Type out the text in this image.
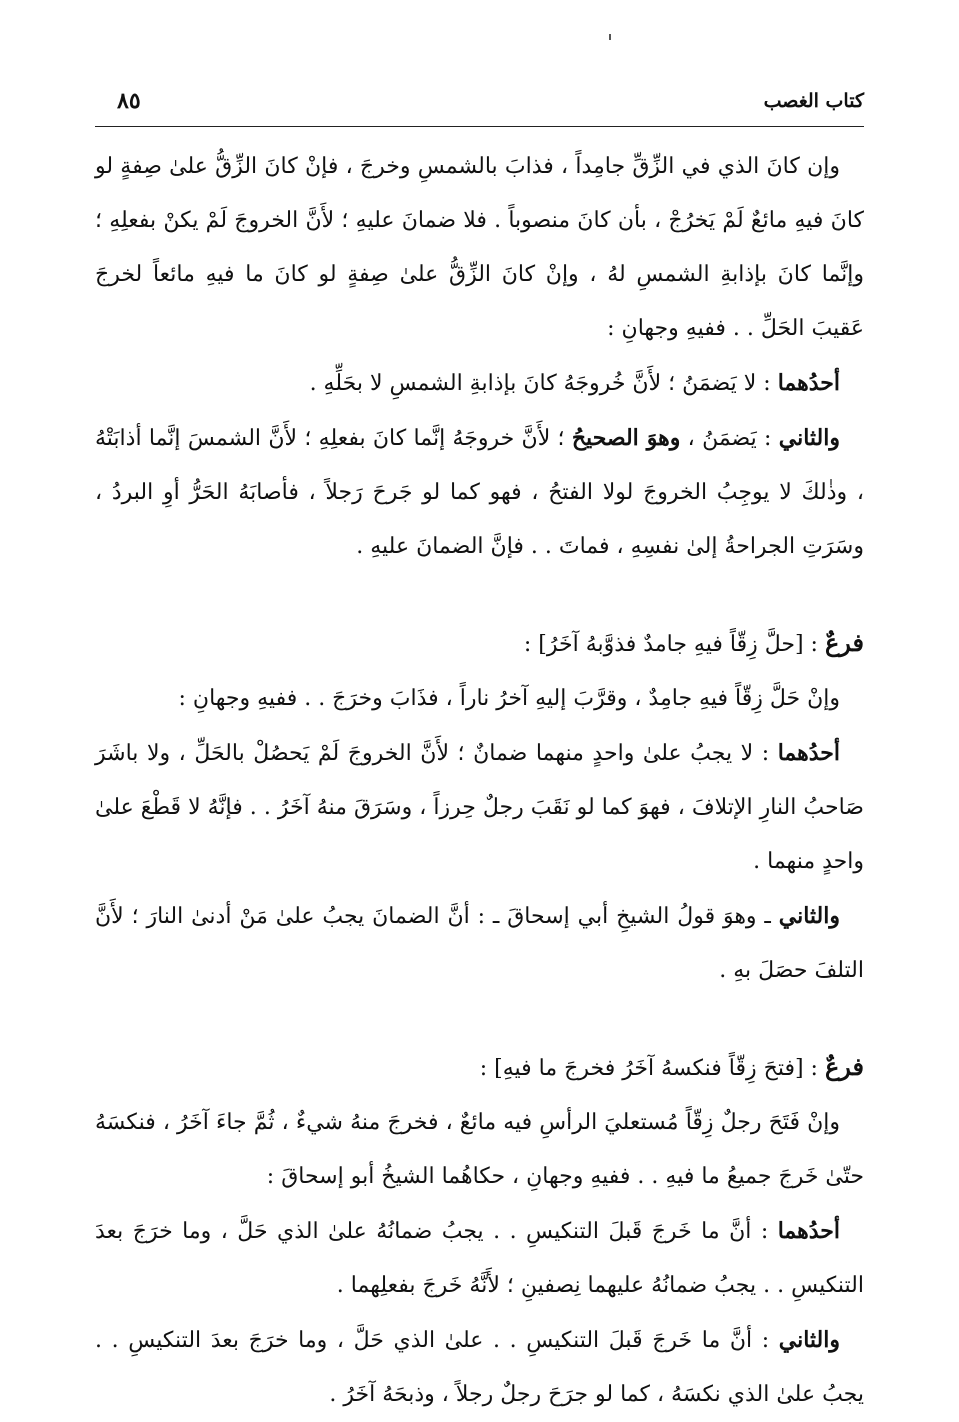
كتاب الغصب
٨٥

وإن كانَ الذي في الزِّقِّ جامِداً ، فذابَ بالشمسِ وخرجَ ، فإنْ كانَ الزِّقُّ علىٰ صِفةٍ لو كانَ فيهِ مائعٌ لَمْ يَخرُجْ ، بأن كانَ منصوباً . فلا ضمانَ عليهِ ؛ لأَنَّ الخروجَ لَمْ يكنْ بفعلِهِ ؛ وإنَّما كانَ بإذابةِ الشمسِ لهُ ، وإنْ كانَ الزِّقُّ علىٰ صِفةٍ لو كانَ ما فيهِ مائعاً لخرجَ عَقيبَ الحَلِّ . . ففيهِ وجهانِ :

أحدُهما : لا يَضمَنُ ؛ لأَنَّ خُروجَهُ كانَ بإذابةِ الشمسِ لا بحَلِّهِ .

والثاني : يَضمَنُ ، وهوَ الصحيحُ ؛ لأَنَّ خروجَهُ إنَّما كانَ بفعلِهِ ؛ لأَنَّ الشمسَ إنَّما أذابَتْهُ ، وذٰلكَ لا يوجِبُ الخروجَ لولا الفتحُ ، فهو كما لو جَرحَ رَجلاً ، فأصابَهُ الحَرُّ أوِ البردُ ، وسَرَتِ الجراحةُ إلىٰ نفسِهِ ، فماتَ . . فإنَّ الضمانَ عليهِ .

فرعٌ : [حلَّ زِقّاً فيهِ جامدٌ فذوَّبهُ آخَرُ] :

وإنْ حَلَّ زِقّاً فيهِ جامِدٌ ، وقرَّبَ إليهِ آخرُ ناراً ، فذَابَ وخرَجَ . . ففيهِ وجهانِ :

أحدُهما : لا يجبُ علىٰ واحدٍ منهما ضمانٌ ؛ لأَنَّ الخروجَ لَمْ يَحصُلْ بالحَلِّ ، ولا باشَرَ صَاحبُ النارِ الإتلافَ ، فهوَ كما لو نَقَبَ رجلٌ حِرزاً ، وسَرَقَ منهُ آخَرُ . . فإنَّهُ لا قَطْعَ علىٰ واحدٍ منهما .

والثاني ـ وهوَ قولُ الشيخِ أبي إسحاقَ ـ : أنَّ الضمانَ يجبُ علىٰ مَنْ أدنىٰ النارَ ؛ لأَنَّ التلفَ حصَلَ بهِ .

فرعٌ : [فتحَ زِقّاً فنكسهُ آخَرُ فخرجَ ما فيهِ] :

وإنْ فَتَحَ رجلٌ زِقّاً مُستعليَ الرأسِ فيه مائعٌ ، فخرجَ منهُ شيءٌ ، ثُمَّ جاءَ آخَرُ ، فنكسَهُ حتّىٰ خَرجَ جميعُ ما فيهِ . . ففيهِ وجهانِ ، حكاهُما الشيخُ أبو إسحاقَ :

أحدُهما : أنَّ ما خَرجَ قَبلَ التنكيسِ . . يجبُ ضمانُهُ علىٰ الذي حَلَّ ، وما خرَجَ بعدَ التنكيسِ . . يجبُ ضمانُهُ عليهما نِصفينِ ؛ لأَنَّهُ خَرجَ بفعلِهما .

والثاني : أنَّ ما خَرجَ قَبلَ التنكيسِ . . علىٰ الذي حَلَّ ، وما خرَجَ بعدَ التنكيسِ . . يجبُ علىٰ الذي نكسَهُ ، كما لو جرَحَ رجلٌ رجلاً ، وذبحَهُ آخَرُ .
